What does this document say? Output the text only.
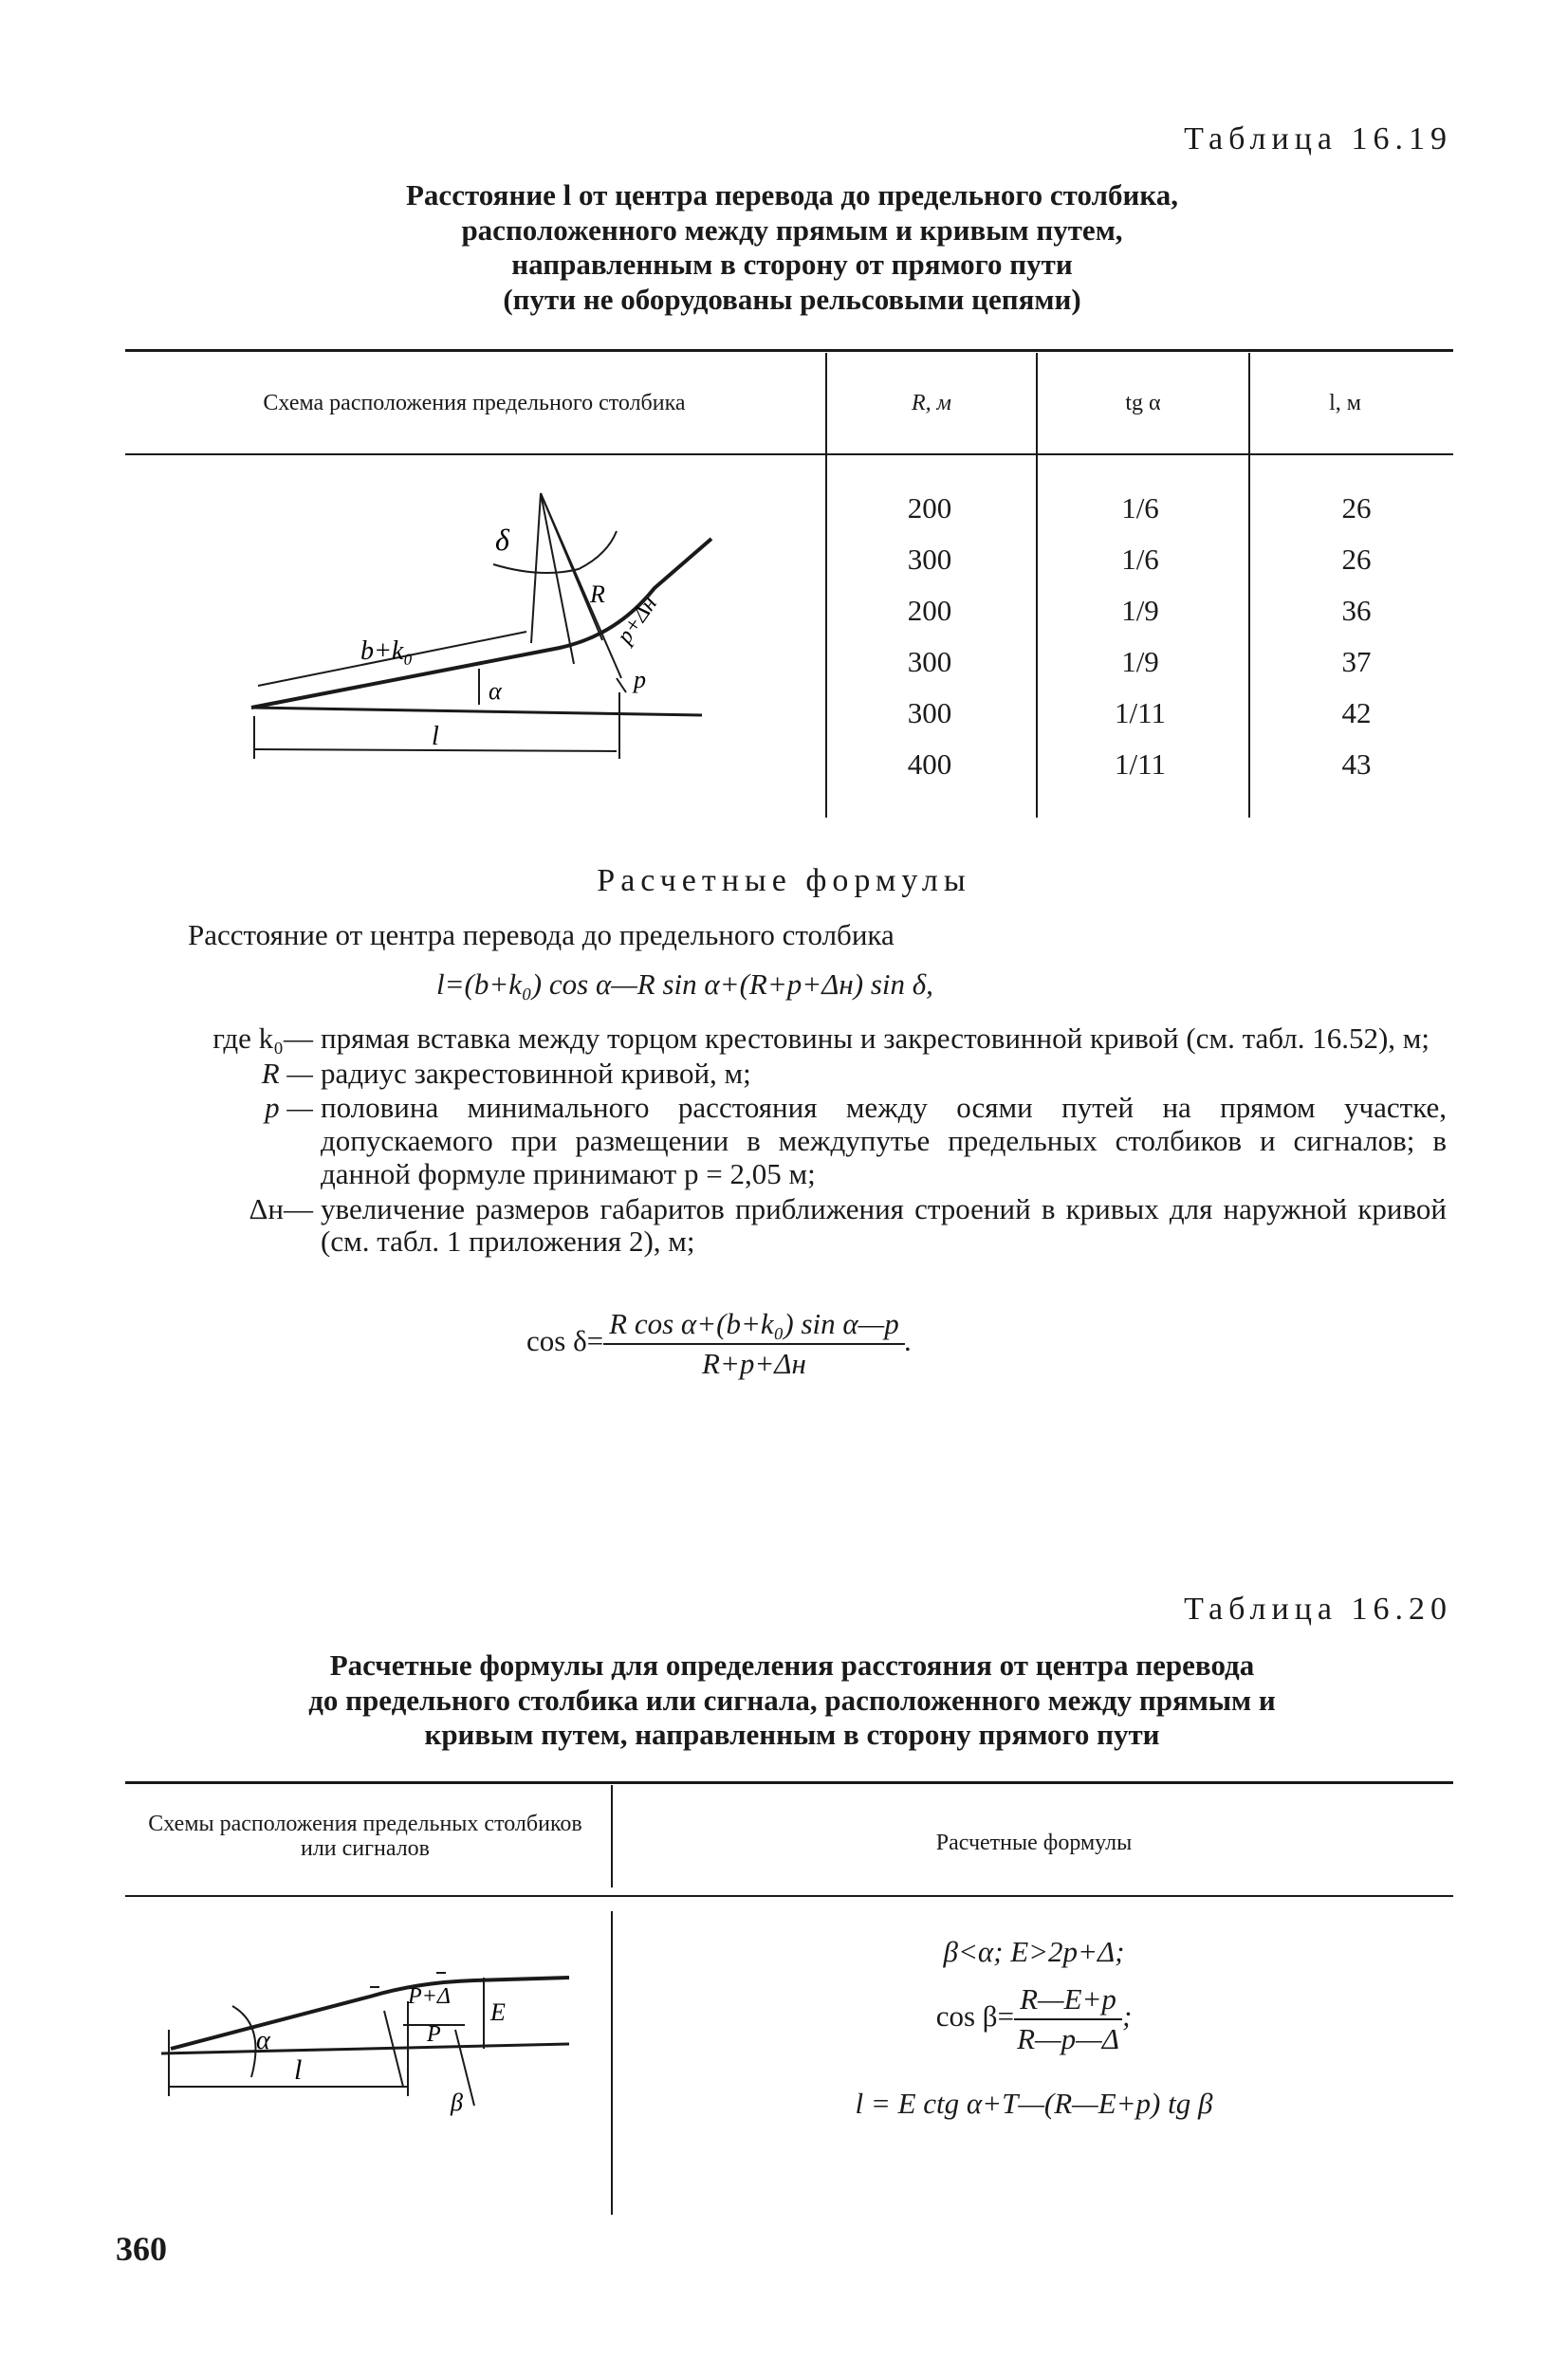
Таблица 16.19
Расстояние l от центра перевода до предельного столбика,
расположенного между прямым и кривым путем,
направленным в сторону от прямого пути
(пути не оборудованы рельсовыми цепями)
Схема расположения предельного столбика	R, м	tg α	l, м
200	1/6	26
300	1/6	26
200	1/9	36
300	1/9	37
300	1/11	42
400	1/11	43
b+k₀
α
l
δ
R p+Δн
p
Расчетные формулы
Расстояние от центра перевода до предельного столбика
l=(b+k₀) cos α—R sin α+(R+p+Δн) sin δ,
где k₀— прямая вставка между торцом крестовины и закрестовинной кривой (см. табл. 16.52), м;
R — радиус закрестовинной кривой, м;
p — половина минимального расстояния между осями путей на прямом участке, допускаемого при размещении в междупутье предельных столбиков и сигналов; в данной формуле принимают p = 2,05 м;
Δн— увеличение размеров габаритов приближения строений в кривых для наружной кривой (см. табл. 1 приложения 2), м;
$\cos \delta= \frac{\text{R cos α+(b+k₀) sin α—p}}{R+p+\Delta н}$ .
Таблица 16.20
Расчетные формулы для определения расстояния от центра перевода
до предельного столбика или сигнала, расположенного между прямым и
кривым путем, направленным в сторону прямого пути
Схемы расположения предельных столбиков или сигналов	Расчетные формулы
β<α; E>2p+Δ;
$\cos \beta= \frac{R—E+p}{R—p—\Delta}$ ;
l = E ctg α+T—(R—E+p) tg β
α
l
P+Δ
P
E
β
360
